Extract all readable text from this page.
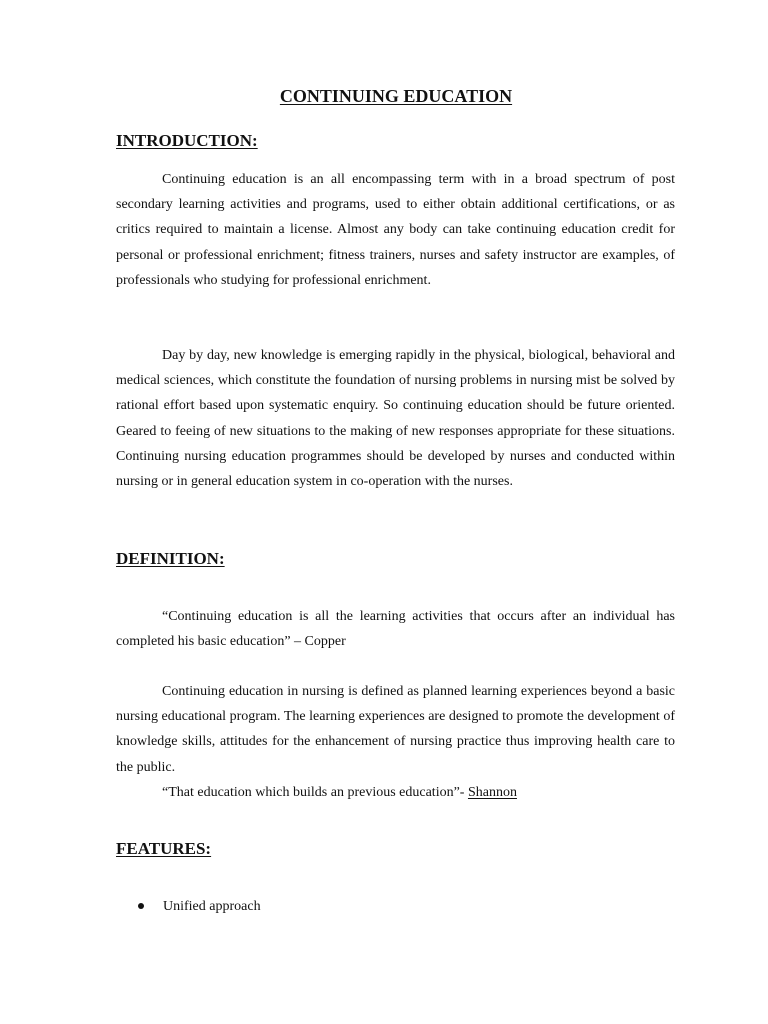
CONTINUING EDUCATION
INTRODUCTION:

Continuing education is an all encompassing term with in a broad spectrum of post secondary learning activities and programs, used to either obtain additional certifications, or as critics required to maintain a license. Almost any body can take continuing education credit for personal or professional enrichment; fitness trainers, nurses and safety instructor are examples, of professionals who studying for professional enrichment.

Day by day, new knowledge is emerging rapidly in the physical, biological, behavioral and medical sciences, which constitute the foundation of nursing problems in nursing mist be solved by rational effort based upon systematic enquiry. So continuing education should be future oriented. Geared to feeing of new situations to the making of new responses appropriate for these situations. Continuing nursing education programmes should be developed by nurses and conducted within nursing or in general education system in co-operation with the nurses.

DEFINITION:

“Continuing education is all the learning activities that occurs after an individual has completed his basic education” – Copper

Continuing education in nursing is defined as planned learning experiences beyond a basic nursing educational program. The learning experiences are designed to promote the development of knowledge skills, attitudes for the enhancement of nursing practice thus improving health care to the public.

“That education which builds an previous education”- Shannon

FEATURES:
Unified approach
